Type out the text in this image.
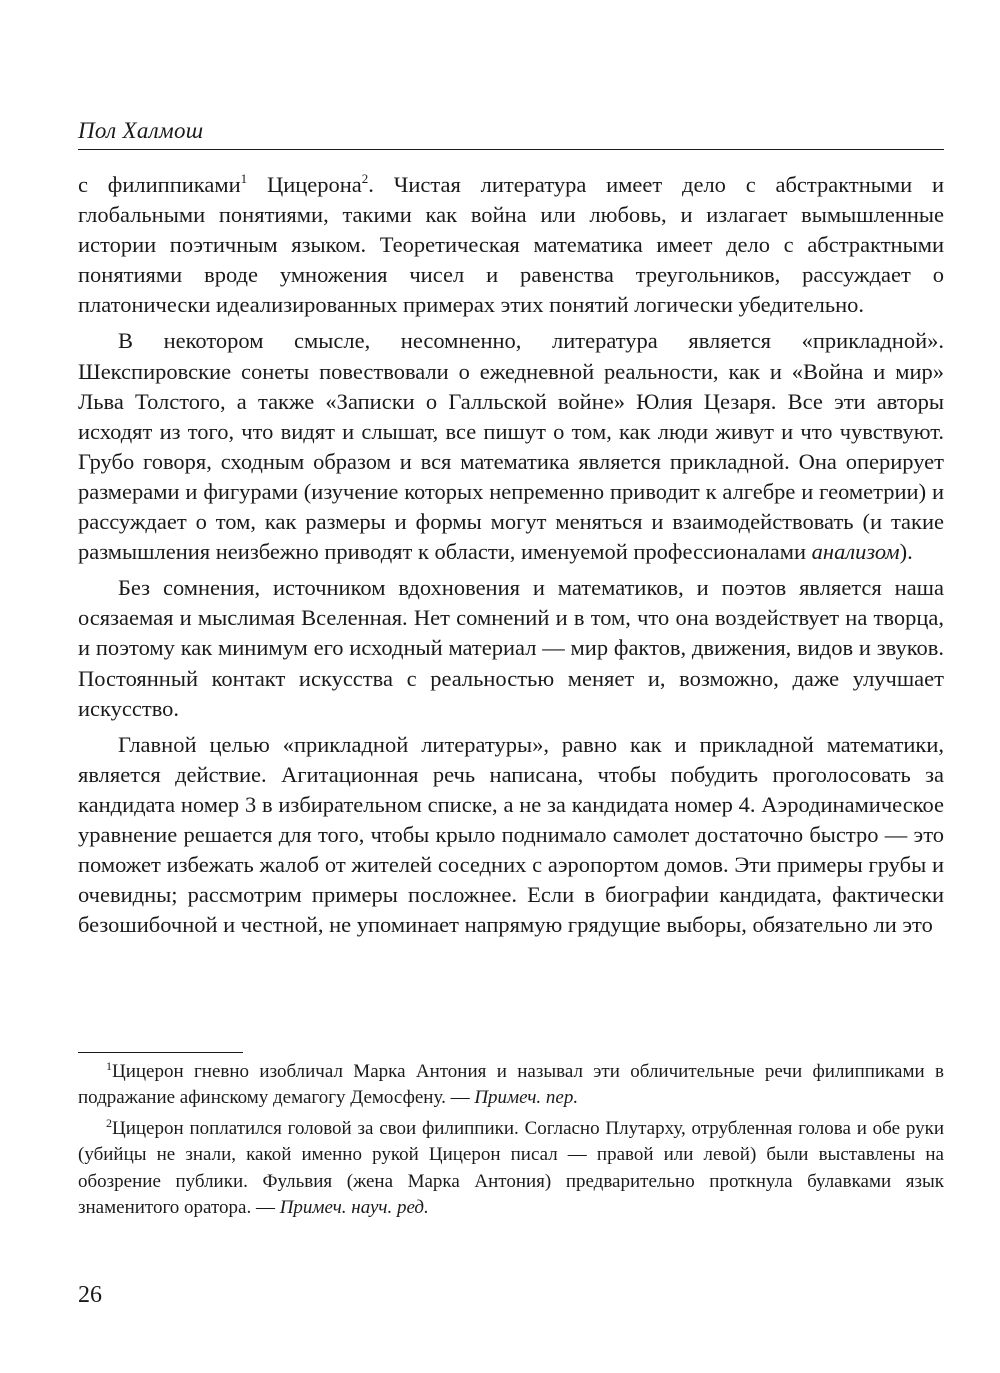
Пол Халмош

с филиппиками$^1$ Цицерона$^2$. Чистая литература имеет дело с абстрактными и глобальными понятиями, такими как война или любовь, и излагает вымышленные истории поэтичным языком. Теоретическая математика имеет дело с абстрактными понятиями вроде умножения чисел и равенства треугольников, рассуждает о платонически идеализированных примерах этих понятий логически убедительно.

В некотором смысле, несомненно, литература является «прикладной». Шекспировские сонеты повествовали о ежедневной реальности, как и «Война и мир» Льва Толстого, а также «Записки о Галльской войне» Юлия Цезаря. Все эти авторы исходят из того, что видят и слышат, все пишут о том, как люди живут и что чувствуют. Грубо говоря, сходным образом и вся математика является прикладной. Она оперирует размерами и фигурами (изучение которых непременно приводит к алгебре и геометрии) и рассуждает о том, как размеры и формы могут меняться и взаимодействовать (и такие размышления неизбежно приводят к области, именуемой профессионалами анализом).

Без сомнения, источником вдохновения и математиков, и поэтов является наша осязаемая и мыслимая Вселенная. Нет сомнений и в том, что она воздействует на творца, и поэтому как минимум его исходный материал — мир фактов, движения, видов и звуков. Постоянный контакт искусства с реальностью меняет и, возможно, даже улучшает искусство.

Главной целью «прикладной литературы», равно как и прикладной математики, является действие. Агитационная речь написана, чтобы побудить проголосовать за кандидата номер 3 в избирательном списке, а не за кандидата номер 4. Аэродинамическое уравнение решается для того, чтобы крыло поднимало самолет достаточно быстро — это поможет избежать жалоб от жителей соседних с аэропортом домов. Эти примеры грубы и очевидны; рассмотрим примеры посложнее. Если в биографии кандидата, фактически безошибочной и честной, не упоминает напрямую грядущие выборы, обязательно ли это

$^1$Цицерон гневно изобличал Марка Антония и называл эти обличительные речи филиппиками в подражание афинскому демагогу Демосфену. — Примеч. пер.

$^2$Цицерон поплатился головой за свои филиппики. Согласно Плутарху, отрубленная голова и обе руки (убийцы не знали, какой именно рукой Цицерон писал — правой или левой) были выставлены на обозрение публики. Фульвия (жена Марка Антония) предварительно проткнула булавками язык знаменитого оратора. — Примеч. науч. ред.

26
